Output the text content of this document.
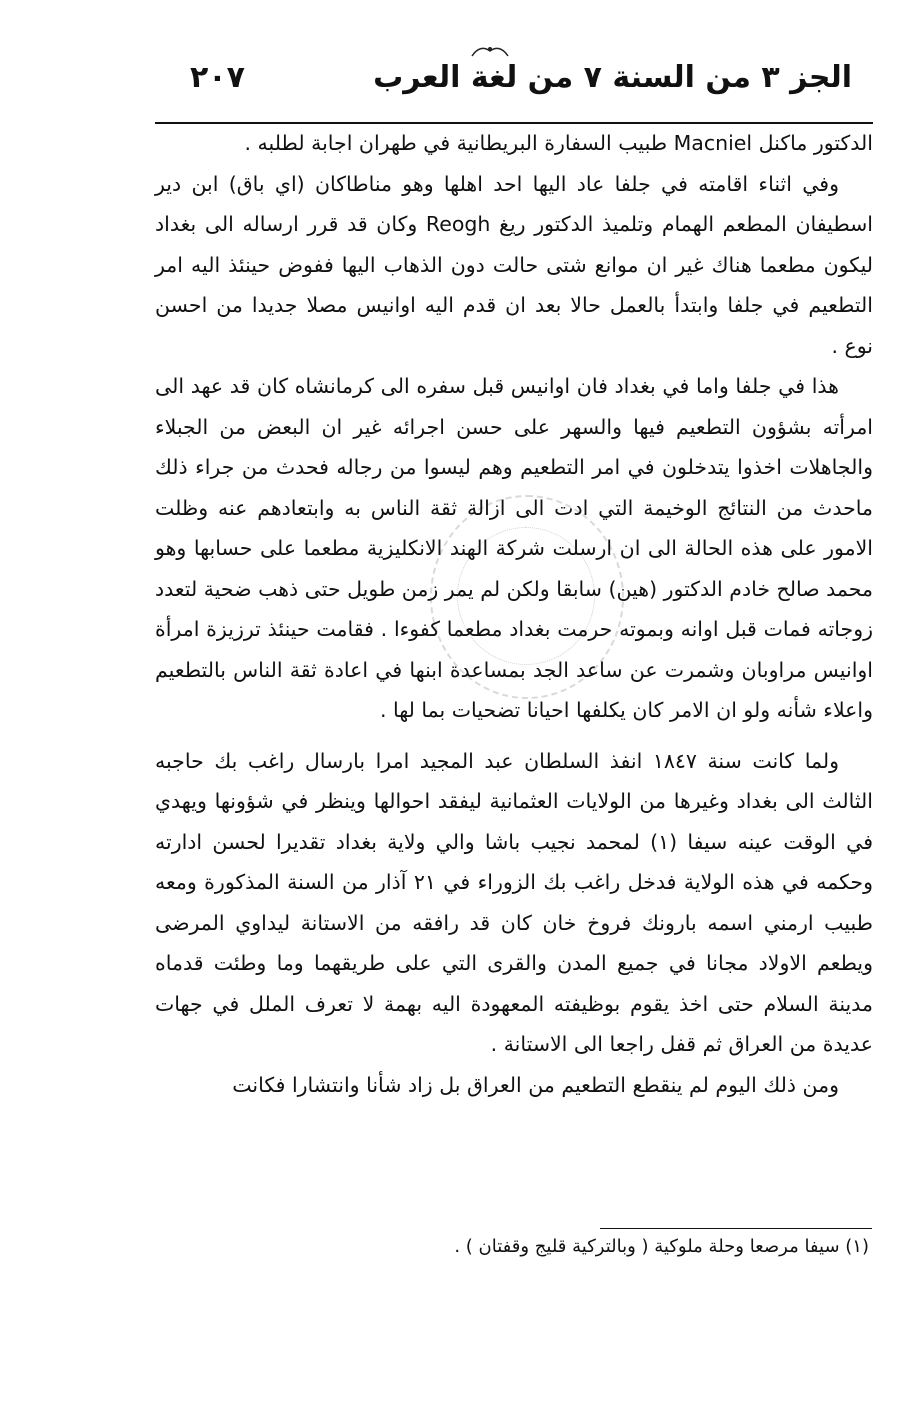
الجز ٣ من السنة ٧ من لغة العرب
٢٠٧

الدكتور ماكنل Macniel طبيب السفارة البريطانية في طهران اجابة لطلبه .

وفي اثناء اقامته في جلفا عاد اليها احد اهلها وهو مناطاكان (اي باق) ابن دير اسطيفان المطعم الهمام وتلميذ الدكتور ريغ Reogh وكان قد قرر ارساله الى بغداد ليكون مطعما هناك غير ان موانع شتى حالت دون الذهاب اليها ففوض حينئذ اليه امر التطعيم في جلفا وابتدأ بالعمل حالا بعد ان قدم اليه اوانيس مصلا جديدا من احسن نوع .

هذا في جلفا واما في بغداد فان اوانيس قبل سفره الى كرمانشاه كان قد عهد الى امرأته بشؤون التطعيم فيها والسهر على حسن اجرائه غير ان البعض من الجبلاء والجاهلات اخذوا يتدخلون في امر التطعيم وهم ليسوا من رجاله فحدث من جراء ذلك ماحدث من النتائج الوخيمة التي ادت الى ازالة ثقة الناس به وابتعادهم عنه وظلت الامور على هذه الحالة الى ان ارسلت شركة الهند الانكليزية مطعما على حسابها وهو محمد صالح خادم الدكتور (هين) سابقا ولكن لم يمر زمن طويل حتى ذهب ضحية لتعدد زوجاته فمات قبل اوانه وبموته حرمت بغداد مطعما كفوءا . فقامت حينئذ ترزيزة امرأة اوانيس مراوبان وشمرت عن ساعد الجد بمساعدة ابنها في اعادة ثقة الناس بالتطعيم واعلاء شأنه ولو ان الامر كان يكلفها احيانا تضحيات بما لها .

ولما كانت سنة ١٨٤٧ انفذ السلطان عبد المجيد امرا بارسال راغب بك حاجبه الثالث الى بغداد وغيرها من الولايات العثمانية ليفقد احوالها وينظر في شؤونها ويهدي في الوقت عينه سيفا (١) لمحمد نجيب باشا والي ولاية بغداد تقديرا لحسن ادارته وحكمه في هذه الولاية فدخل راغب بك الزوراء في ٢١ آذار من السنة المذكورة ومعه طبيب ارمني اسمه بارونك فروخ خان كان قد رافقه من الاستانة ليداوي المرضى ويطعم الاولاد مجانا في جميع المدن والقرى التي على طريقهما وما وطئت قدماه مدينة السلام حتى اخذ يقوم بوظيفته المعهودة اليه بهمة لا تعرف الملل في جهات عديدة من العراق ثم قفل راجعا الى الاستانة .

ومن ذلك اليوم لم ينقطع التطعيم من العراق بل زاد شأنا وانتشارا فكانت

(١) سيفا مرصعا وحلة ملوكية ( وبالتركية قليج وقفتان ) .
